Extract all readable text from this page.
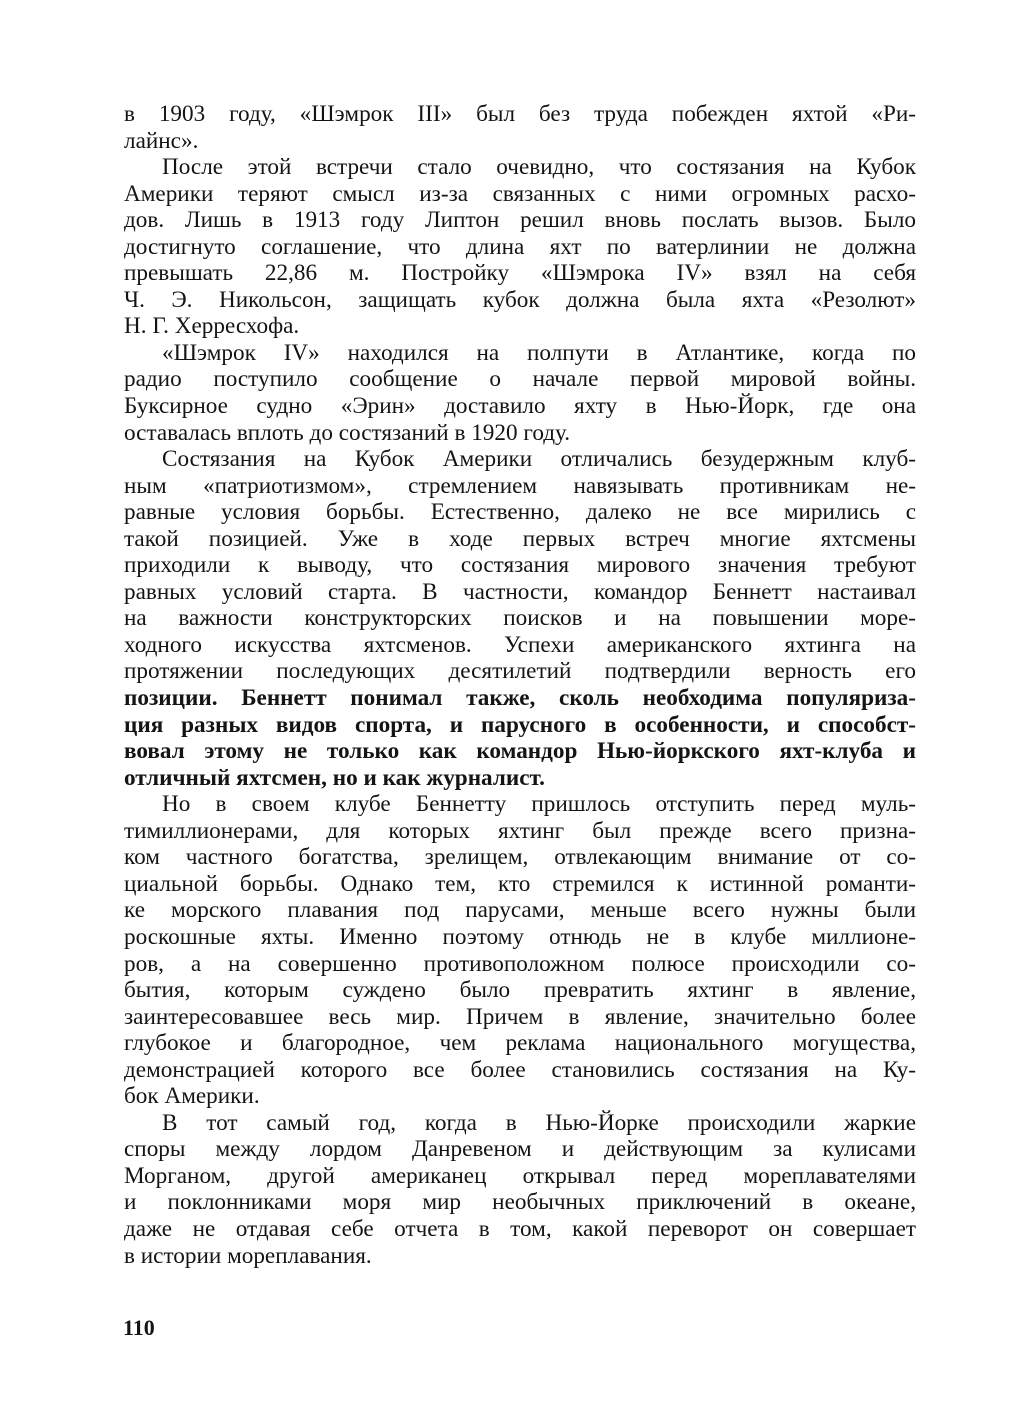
в 1903 году, «Шэмрок III» был без труда побежден яхтой «Ри-
лайнс».
После этой встречи стало очевидно, что состязания на Кубок
Америки теряют смысл из-за связанных с ними огромных расхо-
дов. Лишь в 1913 году Липтон решил вновь послать вызов. Было
достигнуто соглашение, что длина яхт по ватерлинии не должна
превышать 22,86 м. Постройку «Шэмрока IV» взял на себя
Ч. Э. Никольсон, защищать кубок должна была яхта «Резолют»
Н. Г. Херресхофа.
«Шэмрок IV» находился на полпути в Атлантике, когда по
радио поступило сообщение о начале первой мировой войны.
Буксирное судно «Эрин» доставило яхту в Нью-Йорк, где она
оставалась вплоть до состязаний в 1920 году.
Состязания на Кубок Америки отличались безудержным клуб-
ным «патриотизмом», стремлением навязывать противникам не-
равные условия борьбы. Естественно, далеко не все мирились с
такой позицией. Уже в ходе первых встреч многие яхтсмены
приходили к выводу, что состязания мирового значения требуют
равных условий старта. В частности, командор Беннетт настаивал
на важности конструкторских поисков и на повышении море-
ходного искусства яхтсменов. Успехи американского яхтинга на
протяжении последующих десятилетий подтвердили верность его
позиции. Беннетт понимал также, сколь необходима популяриза-
ция разных видов спорта, и парусного в особенности, и способст-
вовал этому не только как командор Нью-йоркского яхт-клуба и
отличный яхтсмен, но и как журналист.
Но в своем клубе Беннетту пришлось отступить перед муль-
тимиллионерами, для которых яхтинг был прежде всего призна-
ком частного богатства, зрелищем, отвлекающим внимание от со-
циальной борьбы. Однако тем, кто стремился к истинной романти-
ке морского плавания под парусами, меньше всего нужны были
роскошные яхты. Именно поэтому отнюдь не в клубе миллионе-
ров, а на совершенно противоположном полюсе происходили со-
бытия, которым суждено было превратить яхтинг в явление,
заинтересовавшее весь мир. Причем в явление, значительно более
глубокое и благородное, чем реклама национального могущества,
демонстрацией которого все более становились состязания на Ку-
бок Америки.
В тот самый год, когда в Нью-Йорке происходили жаркие
споры между лордом Данревеном и действующим за кулисами
Морганом, другой американец открывал перед мореплавателями
и поклонниками моря мир необычных приключений в океане,
даже не отдавая себе отчета в том, какой переворот он совершает
в истории мореплавания.
110
